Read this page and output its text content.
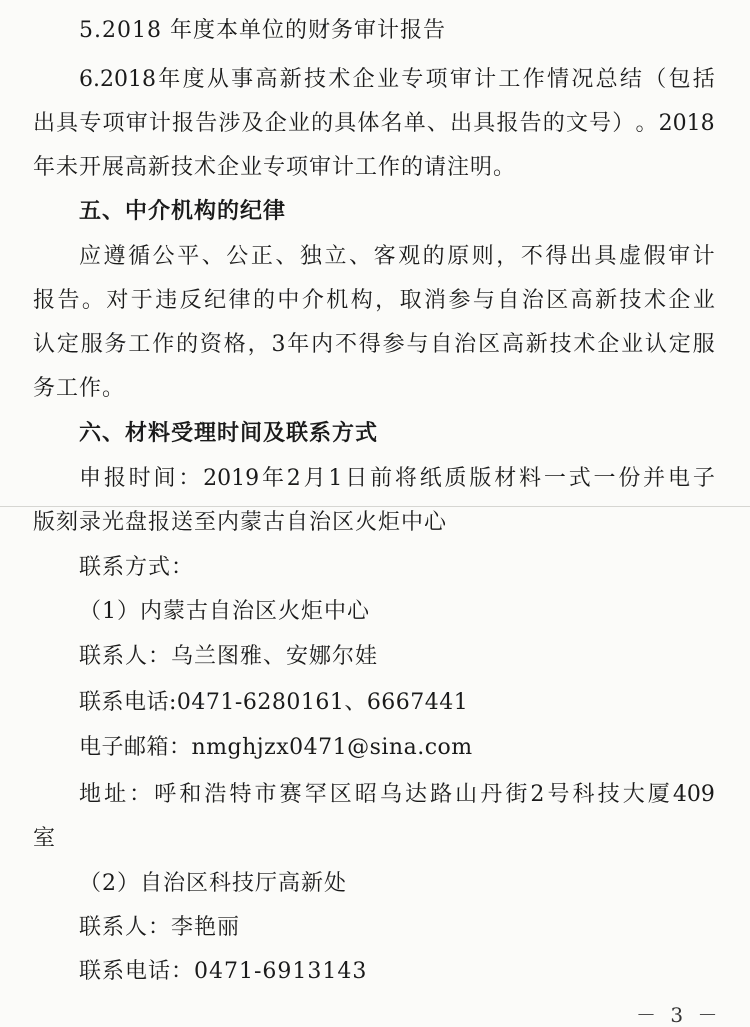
5.2018 年度本单位的财务审计报告
6.2018 年 度 从 事 高 新 技 术 企 业 专 项 审 计 工 作 情 况 总 结 （ 包 括
出 具 专 项 审 计 报 告 涉 及 企 业 的 具 体 名 单 、 出 具 报 告 的 文 号 ） 。 2018
年未开展高新技术企业专项审计工作的请注明。
五、中介机构的纪律
应 遵 循 公 平 、 公 正 、 独 立 、 客 观 的 原 则 ， 不 得 出 具 虚 假 审 计
报 告 。 对 于 违 反 纪 律 的 中 介 机 构 ， 取 消 参 与 自 治 区 高 新 技 术 企 业
认 定 服 务 工 作 的 资 格 ， 3 年 内 不 得 参 与 自 治 区 高 新 技 术 企 业 认 定 服
务工作。
六、材料受理时间及联系方式
申 报 时 间 ： 2019 年 2 月 1 日 前 将 纸 质 版 材 料 一 式 一 份 并 电 子
版刻录光盘报送至内蒙古自治区火炬中心
联系方式：
（1）内蒙古自治区火炬中心
联系人：乌兰图雅、安娜尔娃
联系电话:0471-6280161、6667441
电子邮箱：nmghjzx0471@sina.com
地 址 ： 呼 和 浩 特 市 赛 罕 区 昭 乌 达 路 山 丹 街 2 号 科 技 大 厦 409
室
（2）自治区科技厅高新处
联系人：李艳丽
联系电话：0471-6913143
－ 3 －
